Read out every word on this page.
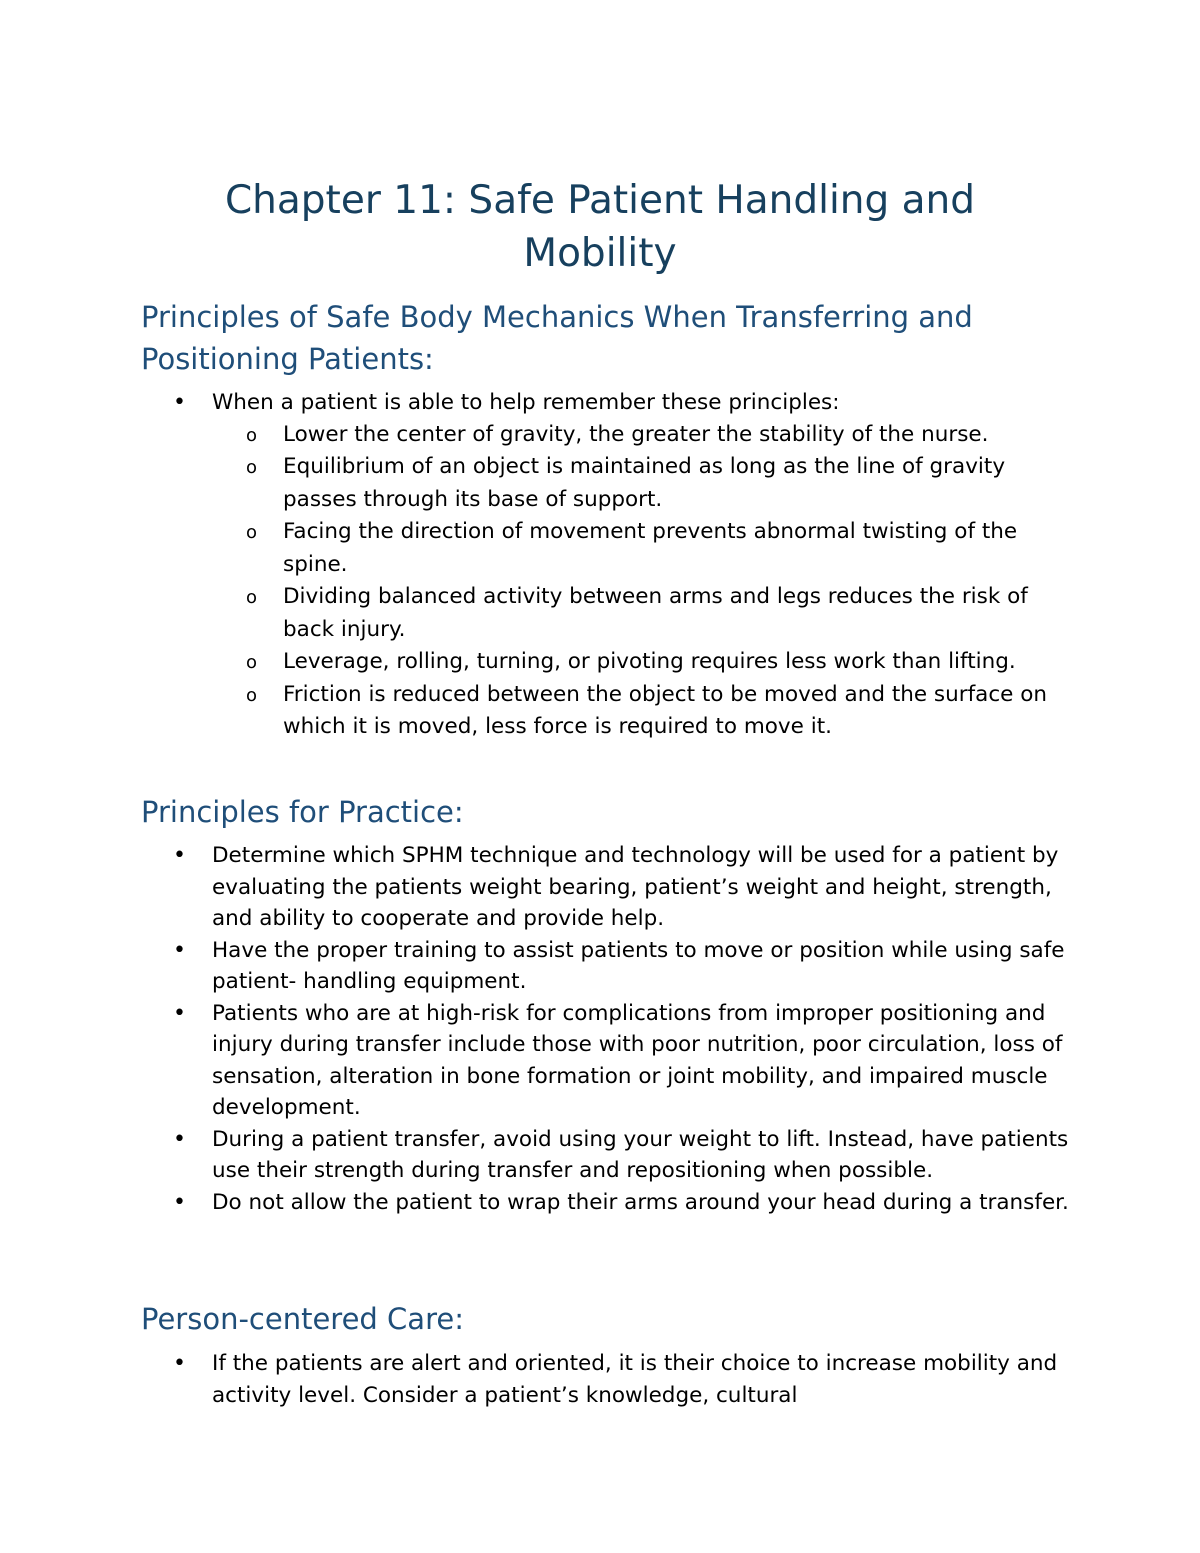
Chapter 11: Safe Patient Handling and
Mobility
Principles of Safe Body Mechanics When Transferring and
Positioning Patients:
• When a patient is able to help remember these principles:
o Lower the center of gravity, the greater the stability of the nurse.
o Equilibrium of an object is maintained as long as the line of gravity passes through its base of support.
o Facing the direction of movement prevents abnormal twisting of the spine.
o Dividing balanced activity between arms and legs reduces the risk of back injury.
o Leverage, rolling, turning, or pivoting requires less work than lifting.
o Friction is reduced between the object to be moved and the surface on which it is moved, less force is required to move it.
Principles for Practice:
• Determine which SPHM technique and technology will be used for a patient by evaluating the patients weight bearing, patient’s weight and height, strength, and ability to cooperate and provide help.
• Have the proper training to assist patients to move or position while using safe patient- handling equipment.
• Patients who are at high-risk for complications from improper positioning and injury during transfer include those with poor nutrition, poor circulation, loss of sensation, alteration in bone formation or joint mobility, and impaired muscle development.
• During a patient transfer, avoid using your weight to lift. Instead, have patients use their strength during transfer and repositioning when possible.
• Do not allow the patient to wrap their arms around your head during a transfer.
Person-centered Care:
• If the patients are alert and oriented, it is their choice to increase mobility and activity level. Consider a patient’s knowledge, cultural
